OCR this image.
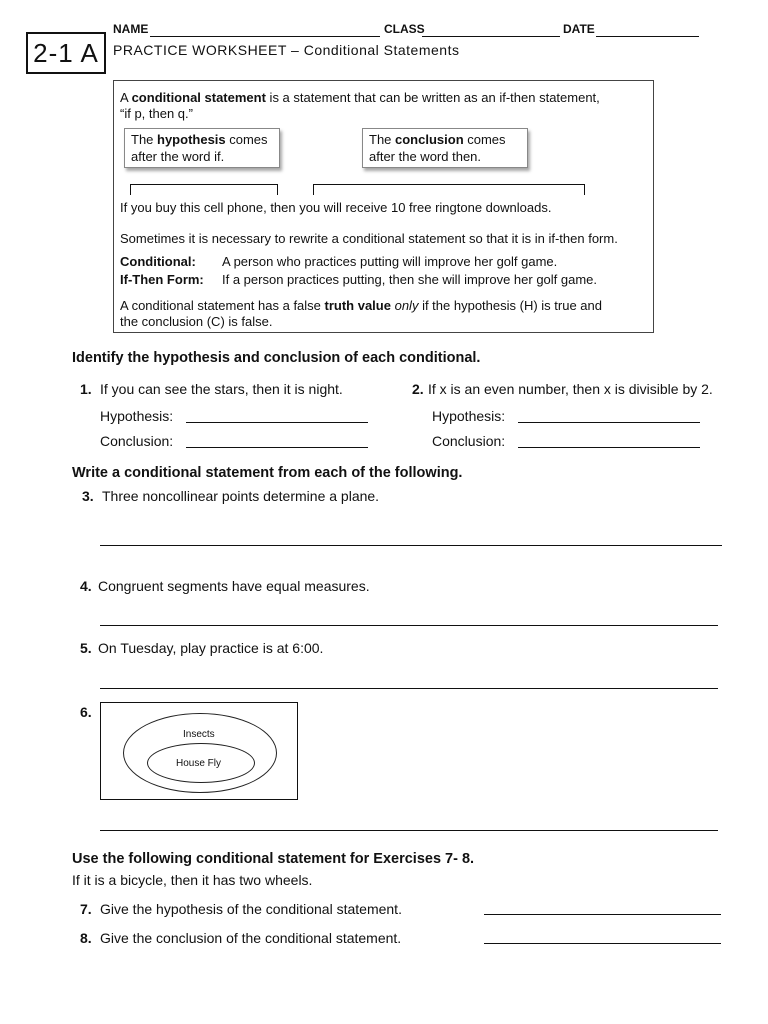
2-1 A
NAME	CLASS	DATE
PRACTICE WORKSHEET – Conditional Statements
A conditional statement is a statement that can be written as an if-then statement,
“if p, then q.”
The hypothesis comes
after the word if.
The conclusion comes
after the word then.
If you buy this cell phone, then you will receive 10 free ringtone downloads.
Sometimes it is necessary to rewrite a conditional statement so that it is in if-then form.
Conditional: A person who practices putting will improve her golf game.
If-Then Form: If a person practices putting, then she will improve her golf game.
A conditional statement has a false truth value only if the hypothesis (H) is true and
the conclusion (C) is false.
Identify the hypothesis and conclusion of each conditional.
1. If you can see the stars, then it is night.
Hypothesis:
Conclusion:
2. If x is an even number, then x is divisible by 2.
Hypothesis:
Conclusion:
Write a conditional statement from each of the following.
3. Three noncollinear points determine a plane.
4. Congruent segments have equal measures.
5. On Tuesday, play practice is at 6:00.
6.
Insects
House Fly
Use the following conditional statement for Exercises 7- 8.
If it is a bicycle, then it has two wheels.
7. Give the hypothesis of the conditional statement.
8. Give the conclusion of the conditional statement.
